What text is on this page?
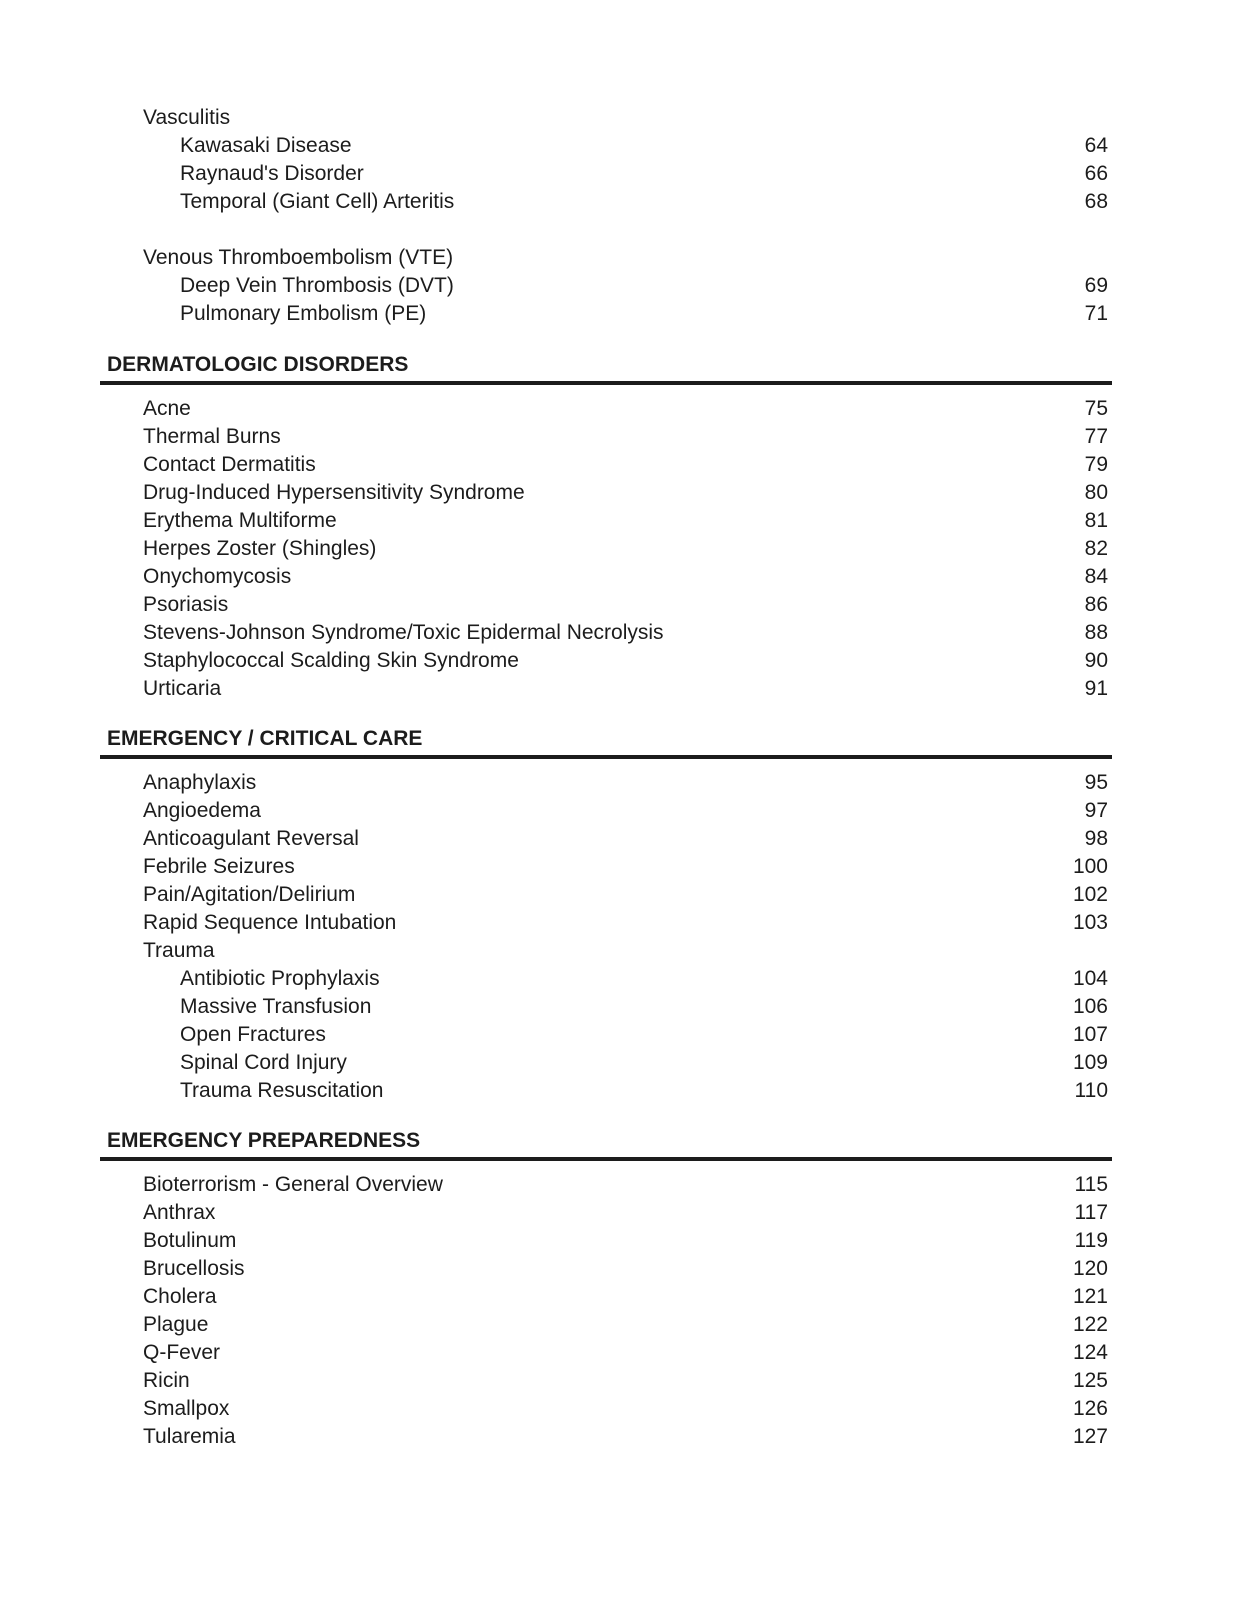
Vasculitis
Kawasaki Disease	64
Raynaud's Disorder	66
Temporal (Giant Cell) Arteritis	68
Venous Thromboembolism (VTE)
Deep Vein Thrombosis (DVT)	69
Pulmonary Embolism (PE)	71
DERMATOLOGIC DISORDERS
Acne	75
Thermal Burns	77
Contact Dermatitis	79
Drug-Induced Hypersensitivity Syndrome	80
Erythema Multiforme	81
Herpes Zoster (Shingles)	82
Onychomycosis	84
Psoriasis	86
Stevens-Johnson Syndrome/Toxic Epidermal Necrolysis	88
Staphylococcal Scalding Skin Syndrome	90
Urticaria	91
EMERGENCY / CRITICAL CARE
Anaphylaxis	95
Angioedema	97
Anticoagulant Reversal	98
Febrile Seizures	100
Pain/Agitation/Delirium	102
Rapid Sequence Intubation	103
Trauma
Antibiotic Prophylaxis	104
Massive Transfusion	106
Open Fractures	107
Spinal Cord Injury	109
Trauma Resuscitation	110
EMERGENCY PREPAREDNESS
Bioterrorism - General Overview	115
Anthrax	117
Botulinum	119
Brucellosis	120
Cholera	121
Plague	122
Q-Fever	124
Ricin	125
Smallpox	126
Tularemia	127
